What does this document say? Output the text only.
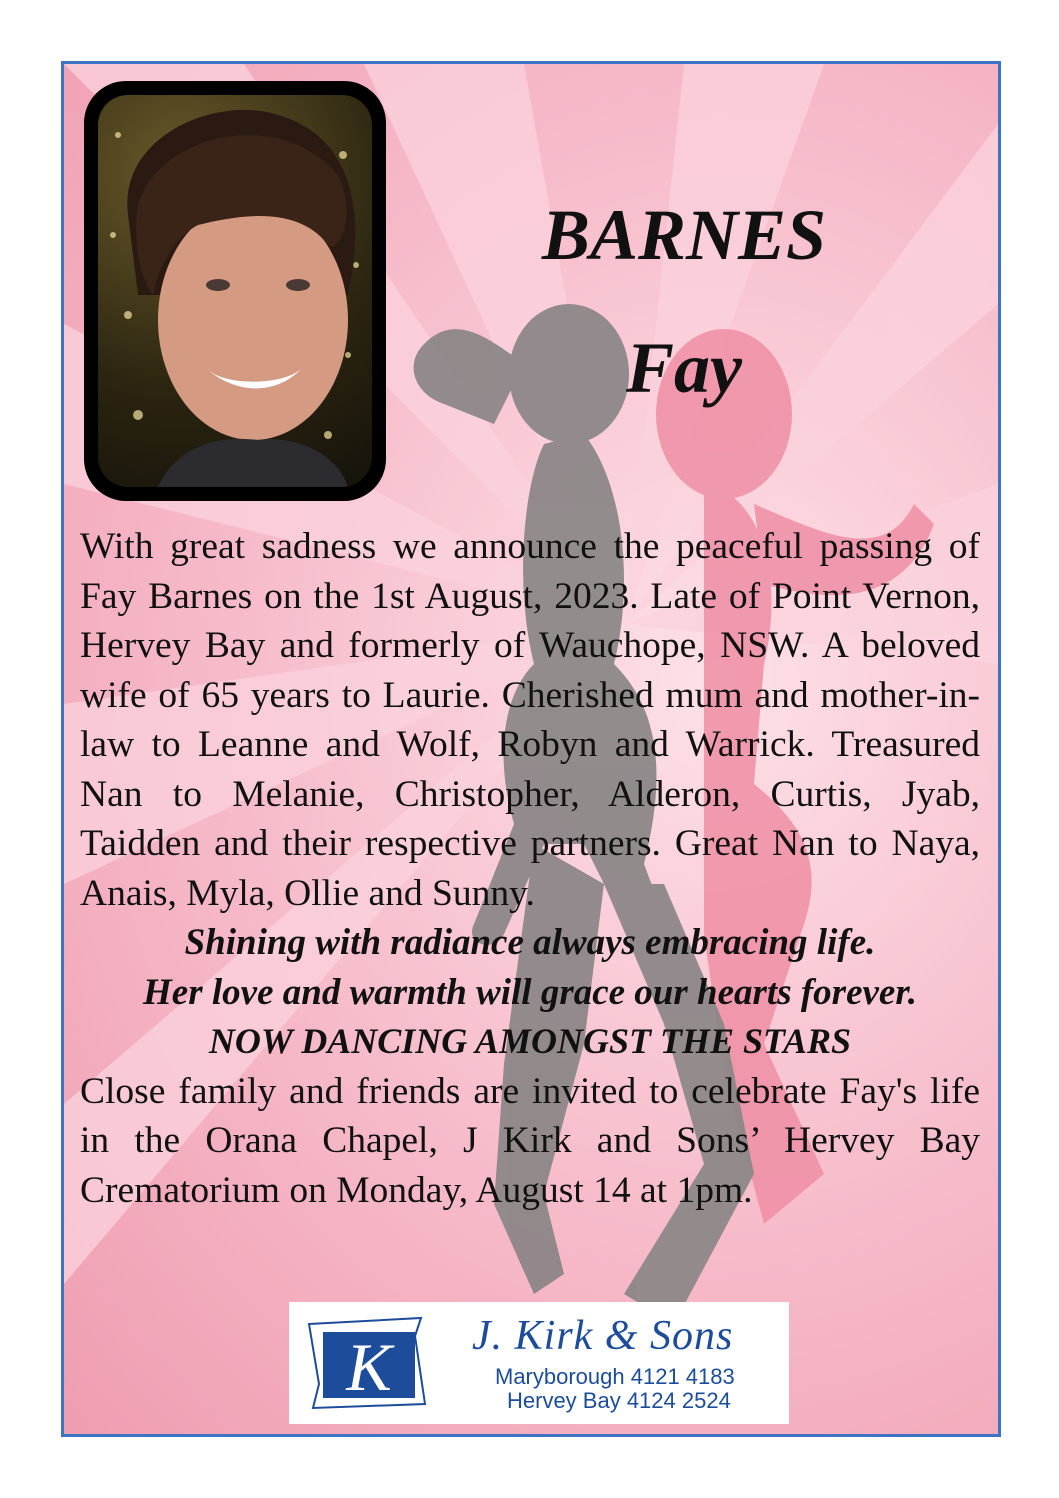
BARNES
Fay

With great sadness we announce the peaceful passing of Fay Barnes on the 1st August, 2023. Late of Point Vernon, Hervey Bay and formerly of Wauchope, NSW. A beloved wife of 65 years to Laurie. Cherished mum and mother-in-law to Leanne and Wolf, Robyn and Warrick. Treasured Nan to Melanie, Christopher, Alderon, Curtis, Jyab, Taidden and their respective partners. Great Nan to Naya, Anais, Myla, Ollie and Sunny.

Shining with radiance always embracing life.

Her love and warmth will grace our hearts forever.

NOW DANCING AMONGST THE STARS

Close family and friends are invited to celebrate Fay's life in the Orana Chapel, J Kirk and Sons’ Hervey Bay Crematorium on Monday, August 14 at 1pm.

K J. Kirk & Sons
Maryborough 4121 4183
Hervey Bay 4124 2524
